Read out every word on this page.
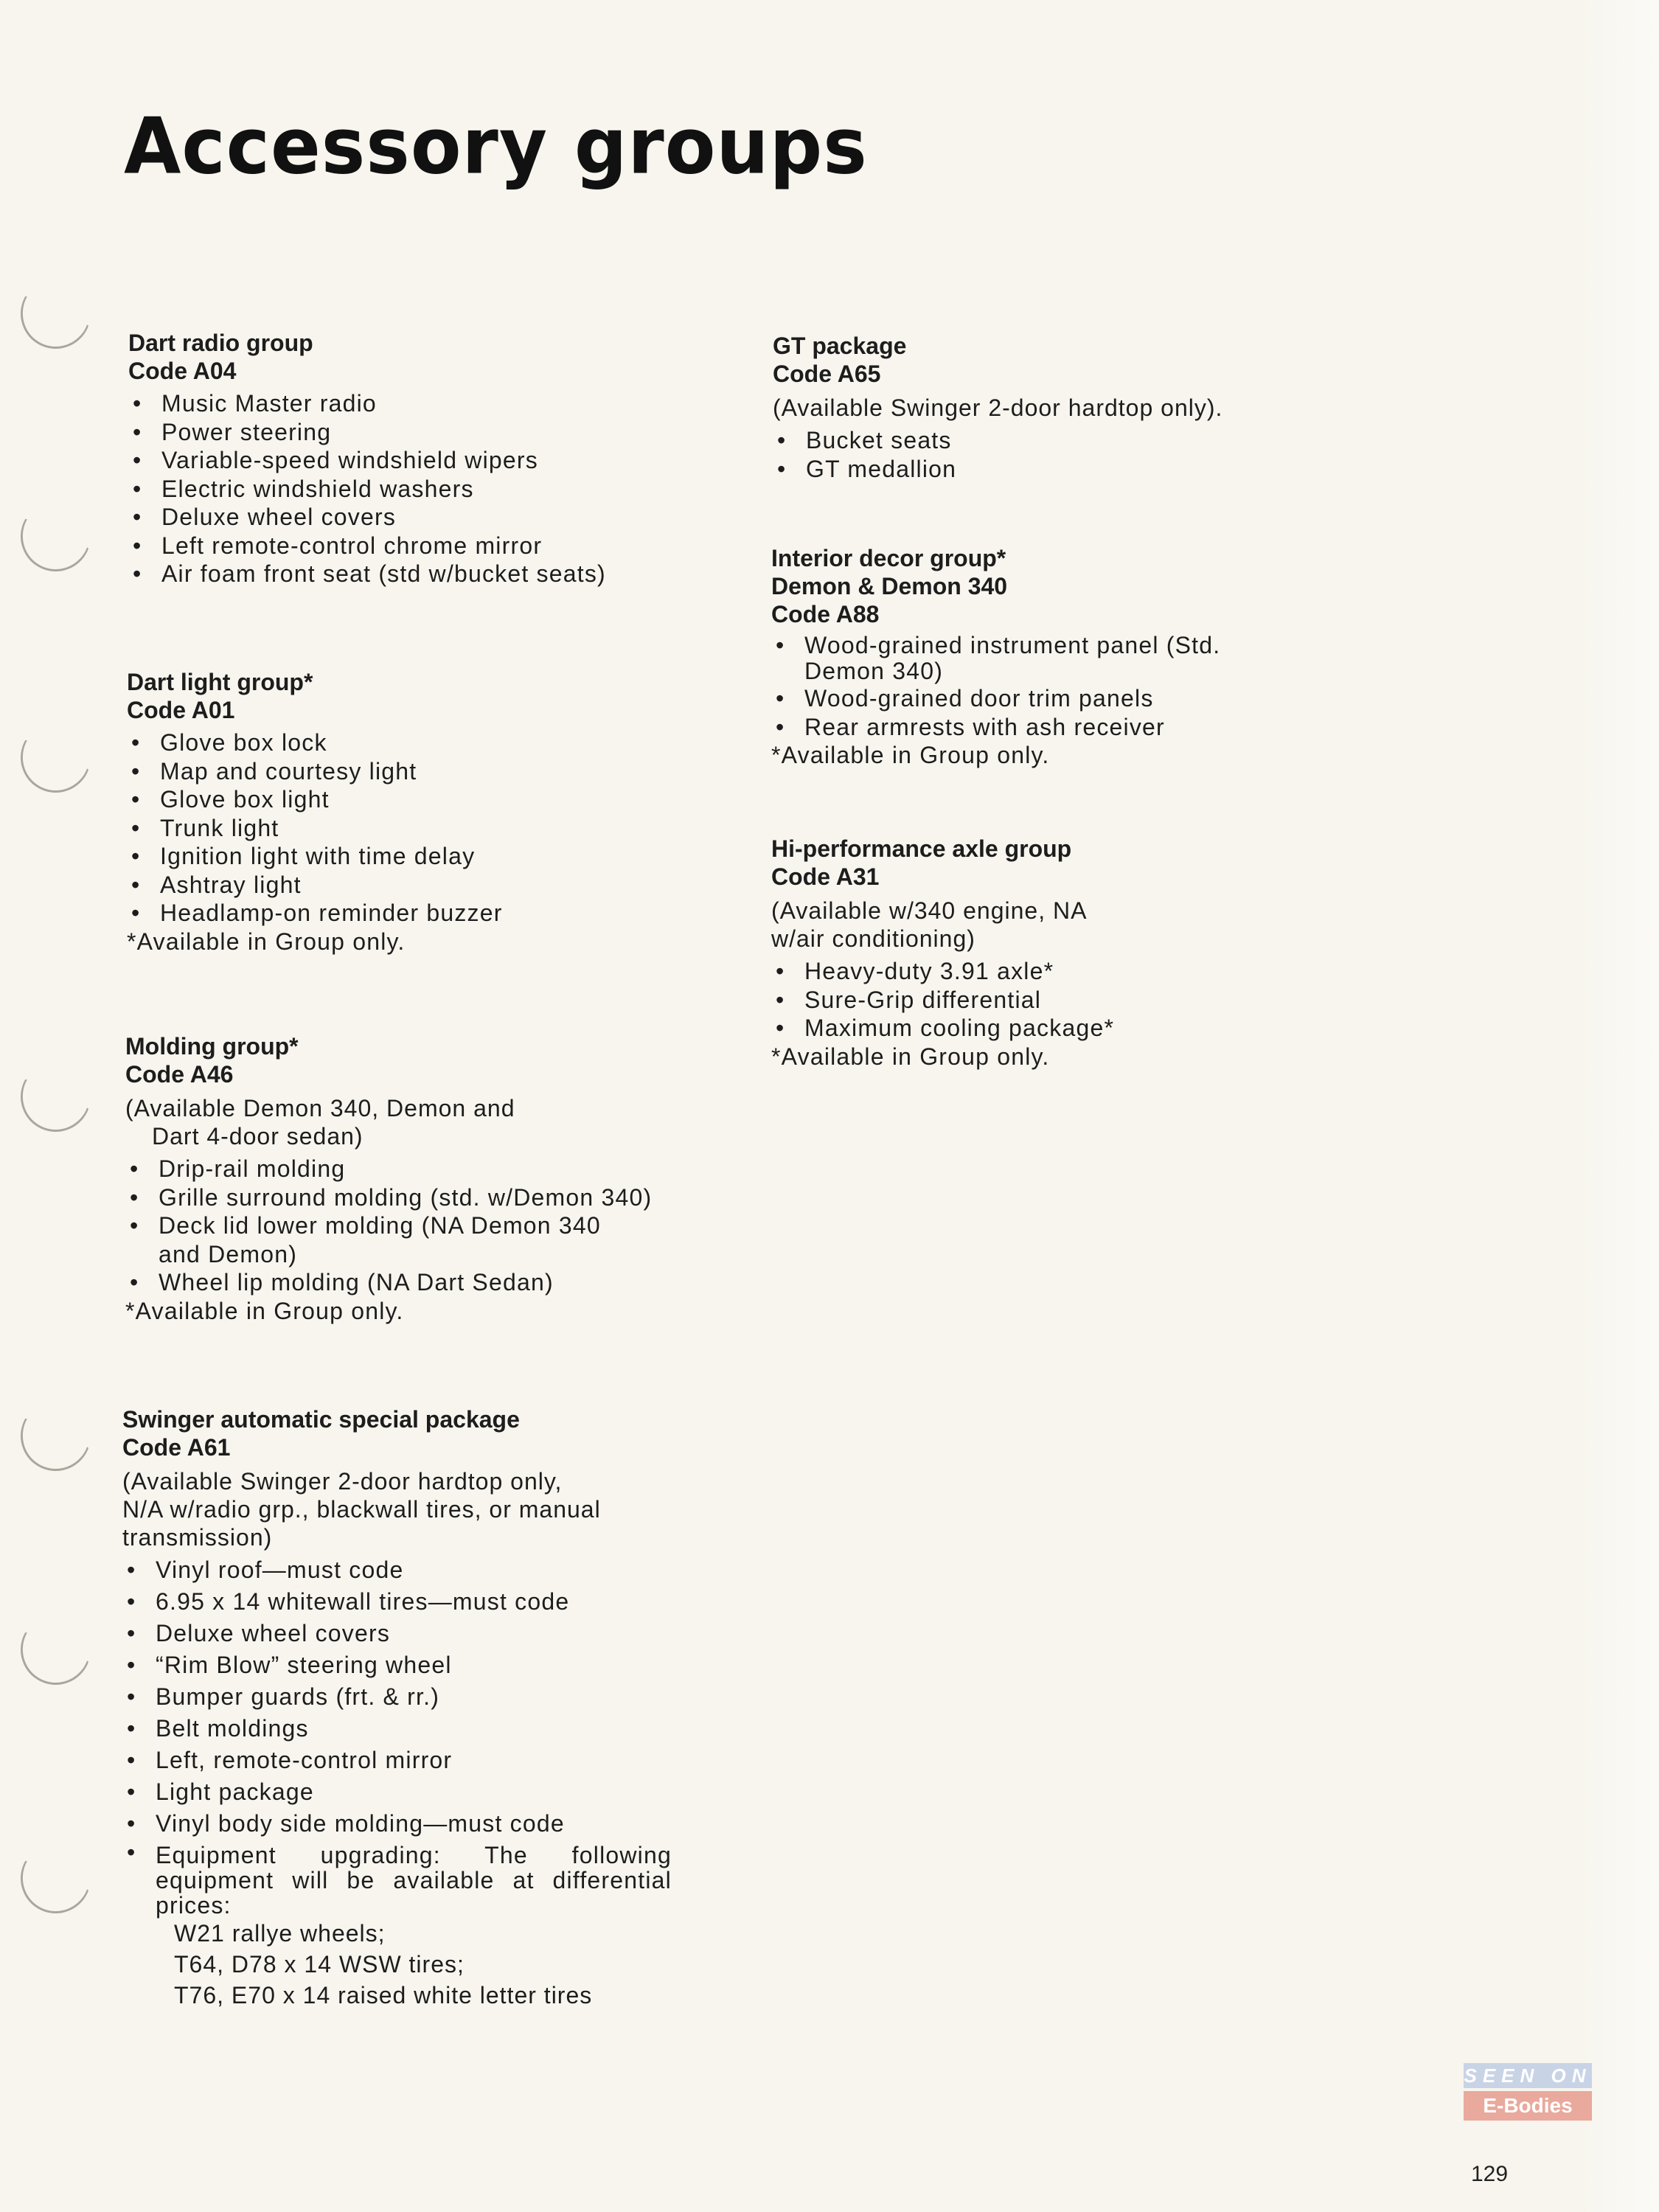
Accessory groups
Dart radio group
Code A04
• Music Master radio
• Power steering
• Variable-speed windshield wipers
• Electric windshield washers
• Deluxe wheel covers
• Left remote-control chrome mirror
• Air foam front seat (std w/bucket seats)
Dart light group*
Code A01
• Glove box lock
• Map and courtesy light
• Glove box light
• Trunk light
• Ignition light with time delay
• Ashtray light
• Headlamp-on reminder buzzer
*Available in Group only.
Molding group*
Code A46
(Available Demon 340, Demon and Dart 4-door sedan)
• Drip-rail molding
• Grille surround molding (std. w/Demon 340)
• Deck lid lower molding (NA Demon 340 and Demon)
• Wheel lip molding (NA Dart Sedan)
*Available in Group only.
Swinger automatic special package
Code A61
(Available Swinger 2-door hardtop only, N/A w/radio grp., blackwall tires, or manual transmission)
• Vinyl roof—must code
• 6.95 x 14 whitewall tires—must code
• Deluxe wheel covers
• “Rim Blow” steering wheel
• Bumper guards (frt. & rr.)
• Belt moldings
• Left, remote-control mirror
• Light package
• Vinyl body side molding—must code
• Equipment upgrading: The following equipment will be available at differential prices:
W21 rallye wheels;
T64, D78 x 14 WSW tires;
T76, E70 x 14 raised white letter tires
GT package
Code A65
(Available Swinger 2-door hardtop only).
• Bucket seats
• GT medallion
Interior decor group*
Demon & Demon 340
Code A88
• Wood-grained instrument panel (Std. Demon 340)
• Wood-grained door trim panels
• Rear armrests with ash receiver
*Available in Group only.
Hi-performance axle group
Code A31
(Available w/340 engine, NA w/air conditioning)
• Heavy-duty 3.91 axle*
• Sure-Grip differential
• Maximum cooling package*
*Available in Group only.
SEEN ON
E-Bodies
129
